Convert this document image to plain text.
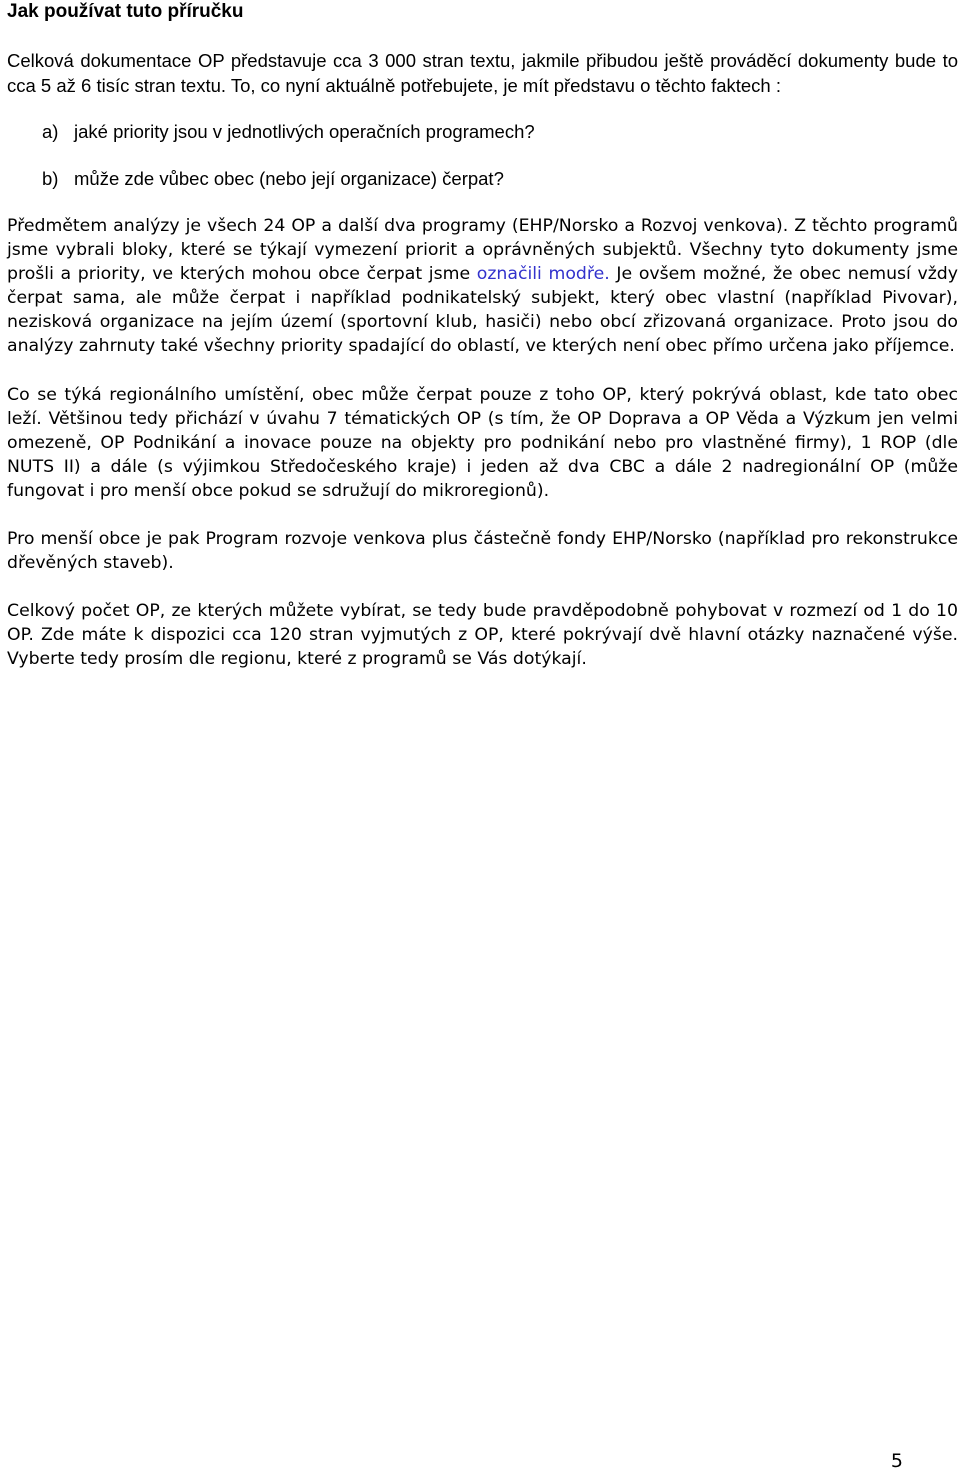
Jak používat tuto příručku

Celková dokumentace OP představuje cca 3 000 stran textu, jakmile přibudou ještě prováděcí dokumenty bude to cca 5 až 6 tisíc stran textu. To, co nyní aktuálně potřebujete, je mít představu o těchto faktech :

a) jaké priority jsou v jednotlivých operačních programech?
b) může zde vůbec obec (nebo její organizace) čerpat?

Předmětem analýzy je všech 24 OP a další dva programy (EHP/Norsko a Rozvoj venkova). Z těchto programů jsme vybrali bloky, které se týkají vymezení priorit a oprávněných subjektů. Všechny tyto dokumenty jsme prošli a priority, ve kterých mohou obce čerpat jsme označili modře. Je ovšem možné, že obec nemusí vždy čerpat sama, ale může čerpat i například podnikatelský subjekt, který obec vlastní (například Pivovar), nezisková organizace na jejím území (sportovní klub, hasiči) nebo obcí zřizovaná organizace. Proto jsou do analýzy zahrnuty také všechny priority spadající do oblastí, ve kterých není obec přímo určena jako příjemce.

Co se týká regionálního umístění, obec může čerpat pouze z toho OP, který pokrývá oblast, kde tato obec leží. Většinou tedy přichází v úvahu 7 tématických OP (s tím, že OP Doprava a OP Věda a Výzkum jen velmi omezeně, OP Podnikání a inovace pouze na objekty pro podnikání nebo pro vlastněné firmy), 1 ROP (dle NUTS II) a dále (s výjimkou Středočeského kraje) i jeden až dva CBC a dále 2 nadregionální OP (může fungovat i pro menší obce pokud se sdružují do mikroregionů).

Pro menší obce je pak Program rozvoje venkova plus částečně fondy EHP/Norsko (například pro rekonstrukce dřevěných staveb).

Celkový počet OP, ze kterých můžete vybírat, se tedy bude pravděpodobně pohybovat v rozmezí od 1 do 10 OP. Zde máte k dispozici cca 120 stran vyjmutých z OP, které pokrývají dvě hlavní otázky naznačené výše. Vyberte tedy prosím dle regionu, které z programů se Vás dotýkají.

5
